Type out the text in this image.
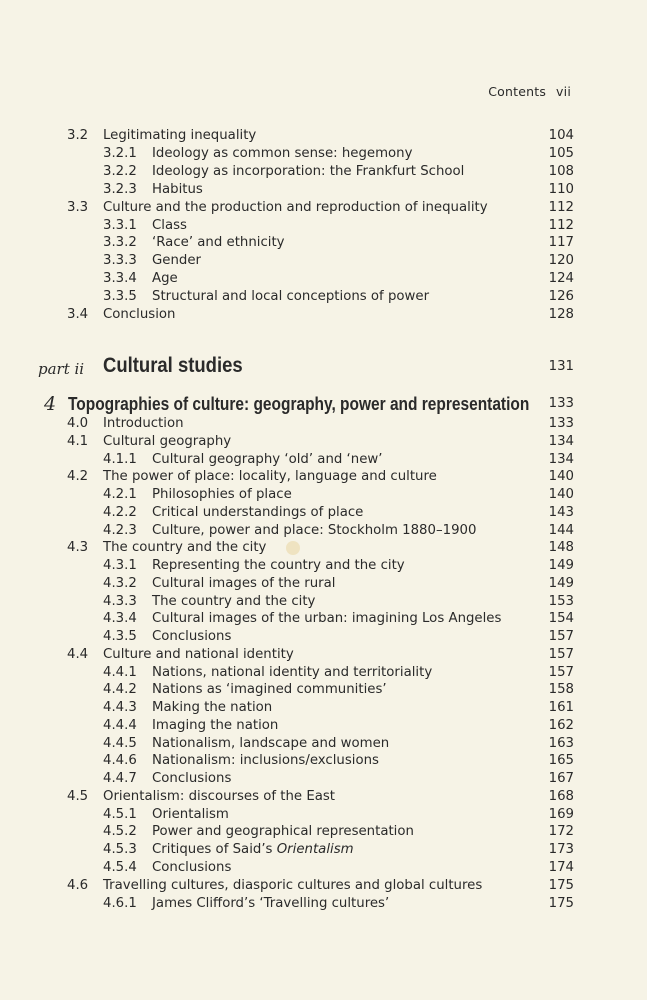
Contents vii
3.2 Legitimating inequality	104
3.2.1 Ideology as common sense: hegemony	105
3.2.2 Ideology as incorporation: the Frankfurt School	108
3.2.3 Habitus	110
3.3 Culture and the production and reproduction of inequality	112
3.3.1 Class	112
3.3.2 ‘Race’ and ethnicity	117
3.3.3 Gender	120
3.3.4 Age	124
3.3.5 Structural and local conceptions of power	126
3.4 Conclusion	128
part ii Cultural studies	131
4 Topographies of culture: geography, power and representation 133
4.0 Introduction	133
4.1 Cultural geography	134
4.1.1 Cultural geography ‘old’ and ‘new’	134
4.2 The power of place: locality, language and culture	140
4.2.1 Philosophies of place	140
4.2.2 Critical understandings of place	143
4.2.3 Culture, power and place: Stockholm 1880–1900	144
4.3 The country and the city	148
4.3.1 Representing the country and the city	149
4.3.2 Cultural images of the rural	149
4.3.3 The country and the city	153
4.3.4 Cultural images of the urban: imagining Los Angeles	154
4.3.5 Conclusions	157
4.4 Culture and national identity	157
4.4.1 Nations, national identity and territoriality	157
4.4.2 Nations as ‘imagined communities’	158
4.4.3 Making the nation	161
4.4.4 Imaging the nation	162
4.4.5 Nationalism, landscape and women	163
4.4.6 Nationalism: inclusions/exclusions	165
4.4.7 Conclusions	167
4.5 Orientalism: discourses of the East	168
4.5.1 Orientalism	169
4.5.2 Power and geographical representation	172
4.5.3 Critiques of Said’s Orientalism	173
4.5.4 Conclusions	174
4.6 Travelling cultures, diasporic cultures and global cultures	175
4.6.1 James Clifford’s ‘Travelling cultures’	175
